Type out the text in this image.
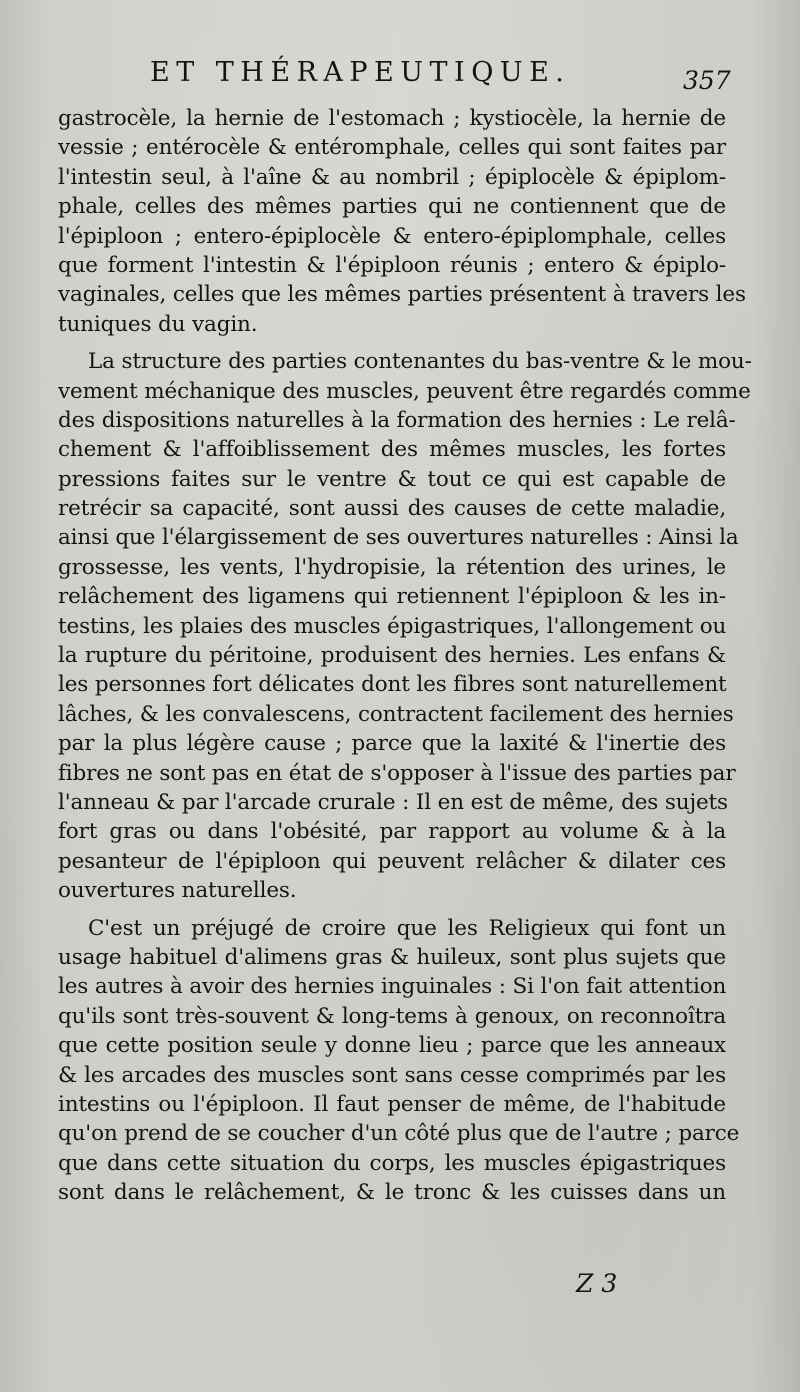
ET THÉRAPEUTIQUE.	357
gastrocèle, la hernie de l'estomach ; kystiocèle, la hernie de
vessie ; entérocèle & entéromphale, celles qui sont faites par
l'intestin seul, à l'aîne & au nombril ; épiplocèle & épiplom-
phale, celles des mêmes parties qui ne contiennent que de
l'épiploon ; entero-épiplocèle & entero-épiplomphale, celles
que forment l'intestin & l'épiploon réunis ; entero & épiplo-
vaginales, celles que les mêmes parties présentent à travers les
tuniques du vagin.
La structure des parties contenantes du bas-ventre & le mou-
vement méchanique des muscles, peuvent être regardés comme
des dispositions naturelles à la formation des hernies : Le relâ-
chement & l'affoiblissement des mêmes muscles, les fortes
pressions faites sur le ventre & tout ce qui est capable de
retrécir sa capacité, sont aussi des causes de cette maladie,
ainsi que l'élargissement de ses ouvertures naturelles : Ainsi la
grossesse, les vents, l'hydropisie, la rétention des urines, le
relâchement des ligamens qui retiennent l'épiploon & les in-
testins, les plaies des muscles épigastriques, l'allongement ou
la rupture du péritoine, produisent des hernies. Les enfans &
les personnes fort délicates dont les fibres sont naturellement
lâches, & les convalescens, contractent facilement des hernies
par la plus légère cause ; parce que la laxité & l'inertie des
fibres ne sont pas en état de s'opposer à l'issue des parties par
l'anneau & par l'arcade crurale : Il en est de même, des sujets
fort gras ou dans l'obésité, par rapport au volume & à la
pesanteur de l'épiploon qui peuvent relâcher & dilater ces
ouvertures naturelles.
C'est un préjugé de croire que les Religieux qui font un
usage habituel d'alimens gras & huileux, sont plus sujets que
les autres à avoir des hernies inguinales : Si l'on fait attention
qu'ils sont très-souvent & long-tems à genoux, on reconnoîtra
que cette position seule y donne lieu ; parce que les anneaux
& les arcades des muscles sont sans cesse comprimés par les
intestins ou l'épiploon. Il faut penser de même, de l'habitude
qu'on prend de se coucher d'un côté plus que de l'autre ; parce
que dans cette situation du corps, les muscles épigastriques
sont dans le relâchement, & le tronc & les cuisses dans un
Z 3
